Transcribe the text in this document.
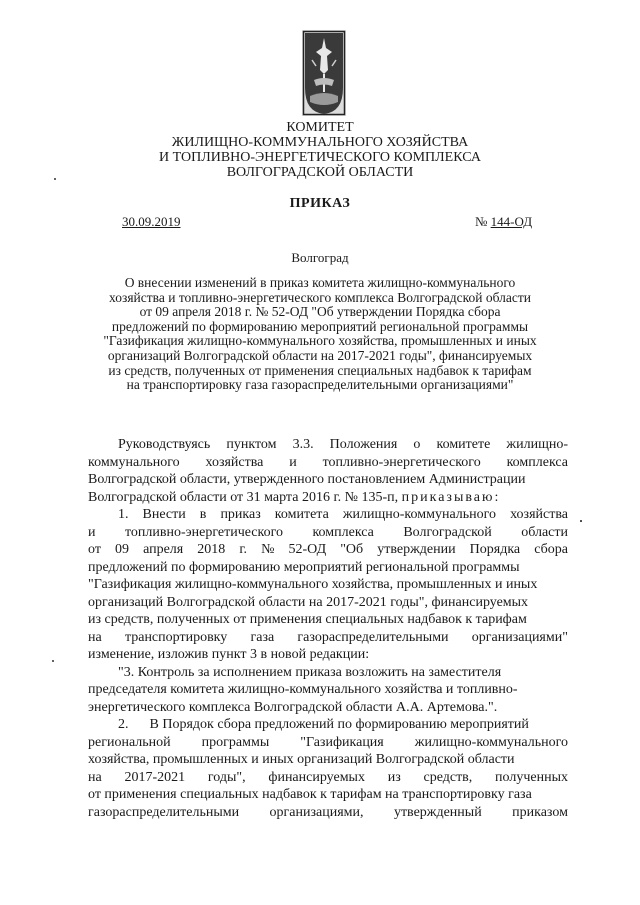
КОМИТЕТ
ЖИЛИЩНО-КОММУНАЛЬНОГО ХОЗЯЙСТВА
И ТОПЛИВНО-ЭНЕРГЕТИЧЕСКОГО КОМПЛЕКСА
ВОЛГОГРАДСКОЙ ОБЛАСТИ
ПРИКАЗ
30.09.2019	№ 144-ОД
Волгоград
О внесении изменений в приказ комитета жилищно-коммунального
хозяйства и топливно-энергетического комплекса Волгоградской области
от 09 апреля 2018 г. № 52-ОД "Об утверждении Порядка сбора
предложений по формированию мероприятий региональной программы
"Газификация жилищно-коммунального хозяйства, промышленных и иных
организаций Волгоградской области на 2017-2021 годы", финансируемых
из средств, полученных от применения специальных надбавок к тарифам
на транспортировку газа газораспределительными организациями"
Руководствуясь пунктом 3.3. Положения о комитете жилищно-
коммунального хозяйства и топливно-энергетического комплекса
Волгоградской области, утвержденного постановлением Администрации
Волгоградской области от 31 марта 2016 г. № 135-п, приказываю:
1. Внести в приказ комитета жилищно-коммунального хозяйства
и топливно-энергетического комплекса Волгоградской области
от 09 апреля 2018 г. № 52-ОД "Об утверждении Порядка сбора
предложений по формированию мероприятий региональной программы
"Газификация жилищно-коммунального хозяйства, промышленных и иных
организаций Волгоградской области на 2017-2021 годы", финансируемых
из средств, полученных от применения специальных надбавок к тарифам
на транспортировку газа газораспределительными организациями"
изменение, изложив пункт 3 в новой редакции:
"3. Контроль за исполнением приказа возложить на заместителя
председателя комитета жилищно-коммунального хозяйства и топливно-
энергетического комплекса Волгоградской области А.А. Артемова.".
2. В Порядок сбора предложений по формированию мероприятий
региональной программы "Газификация жилищно-коммунального
хозяйства, промышленных и иных организаций Волгоградской области
на 2017-2021 годы", финансируемых из средств, полученных
от применения специальных надбавок к тарифам на транспортировку газа
газораспределительными организациями, утвержденный приказом
